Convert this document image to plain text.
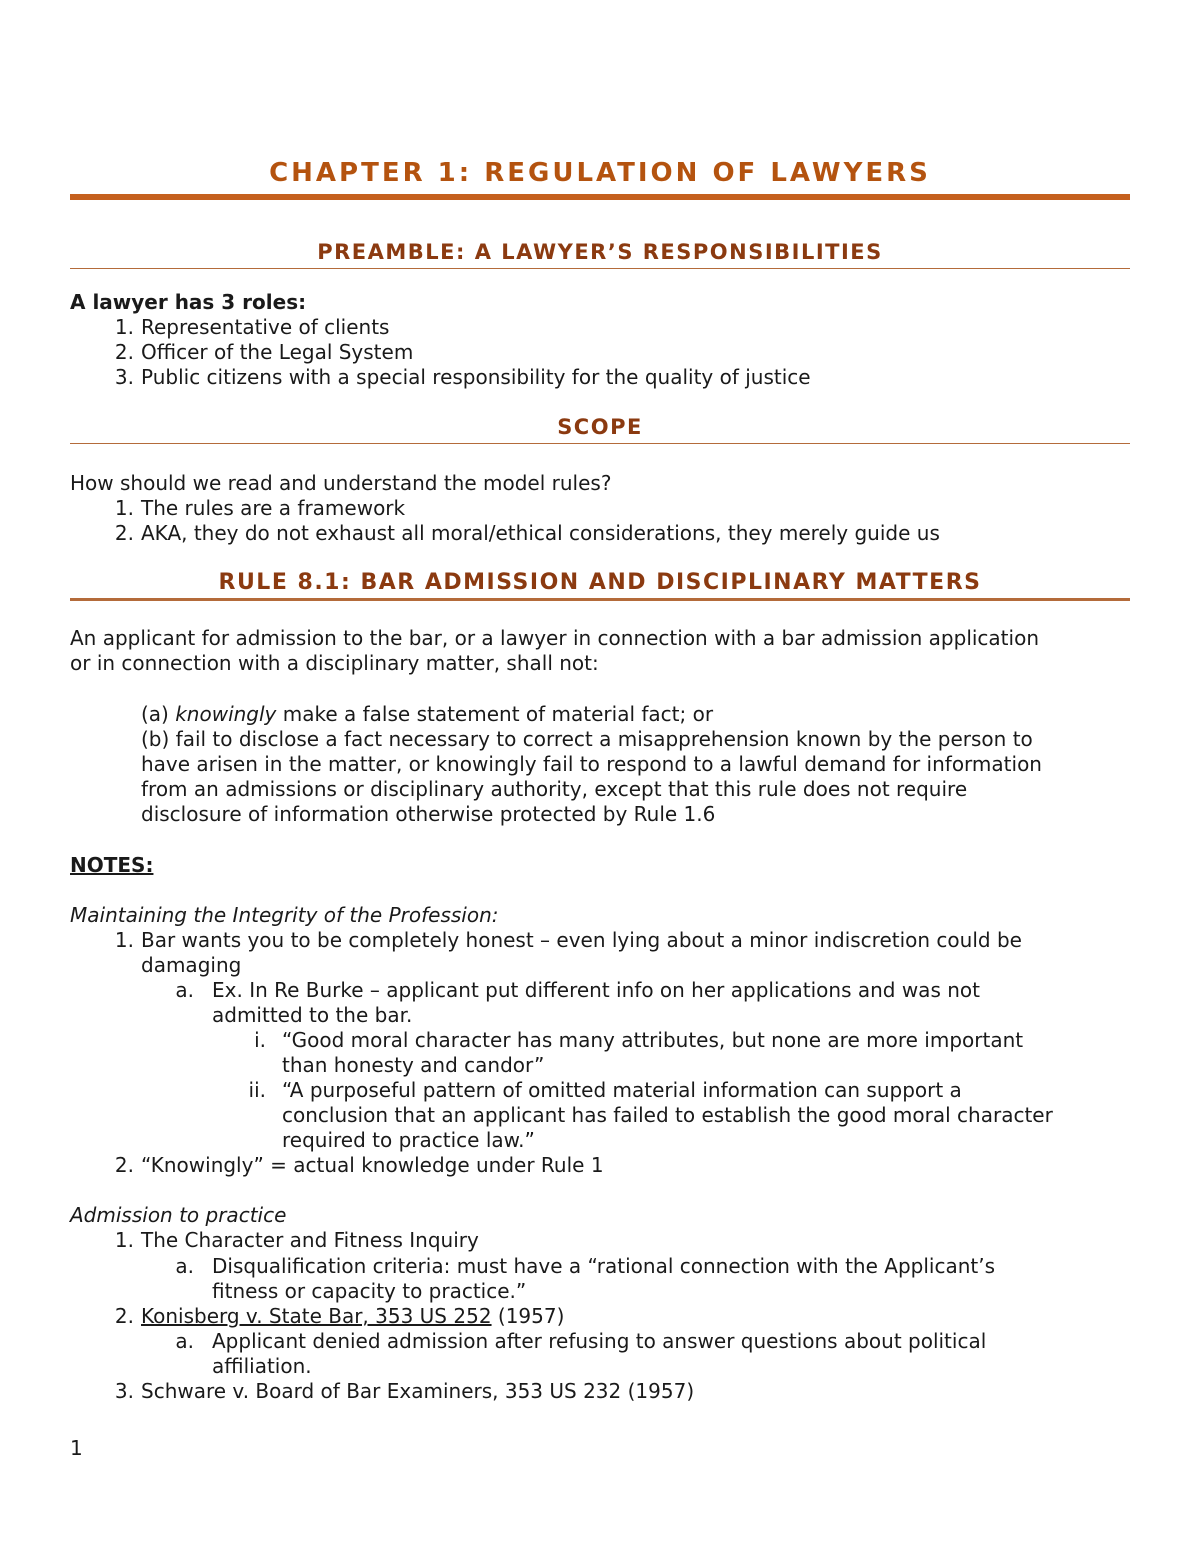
CHAPTER 1: REGULATION OF LAWYERS

PREAMBLE: A LAWYER’S RESPONSIBILITIES

A lawyer has 3 roles:

1. Representative of clients

2. Officer of the Legal System

3. Public citizens with a special responsibility for the quality of justice

SCOPE

How should we read and understand the model rules?

1. The rules are a framework

2. AKA, they do not exhaust all moral/ethical considerations, they merely guide us

RULE 8.1: BAR ADMISSION AND DISCIPLINARY MATTERS

An applicant for admission to the bar, or a lawyer in connection with a bar admission application

or in connection with a disciplinary matter, shall not:

(a) knowingly make a false statement of material fact; or

(b) fail to disclose a fact necessary to correct a misapprehension known by the person to

have arisen in the matter, or knowingly fail to respond to a lawful demand for information

from an admissions or disciplinary authority, except that this rule does not require

disclosure of information otherwise protected by Rule 1.6

NOTES:

Maintaining the Integrity of the Profession:

1. Bar wants you to be completely honest – even lying about a minor indiscretion could be

damaging

a. Ex. In Re Burke – applicant put different info on her applications and was not

admitted to the bar.

i. “Good moral character has many attributes, but none are more important

than honesty and candor”

ii. “A purposeful pattern of omitted material information can support a

conclusion that an applicant has failed to establish the good moral character

required to practice law.”

2. “Knowingly” = actual knowledge under Rule 1

Admission to practice

1. The Character and Fitness Inquiry

a. Disqualification criteria: must have a “rational connection with the Applicant’s

fitness or capacity to practice.”

2. Konisberg v. State Bar, 353 US 252 (1957)

a. Applicant denied admission after refusing to answer questions about political

affiliation.

3. Schware v. Board of Bar Examiners, 353 US 232 (1957)

1
